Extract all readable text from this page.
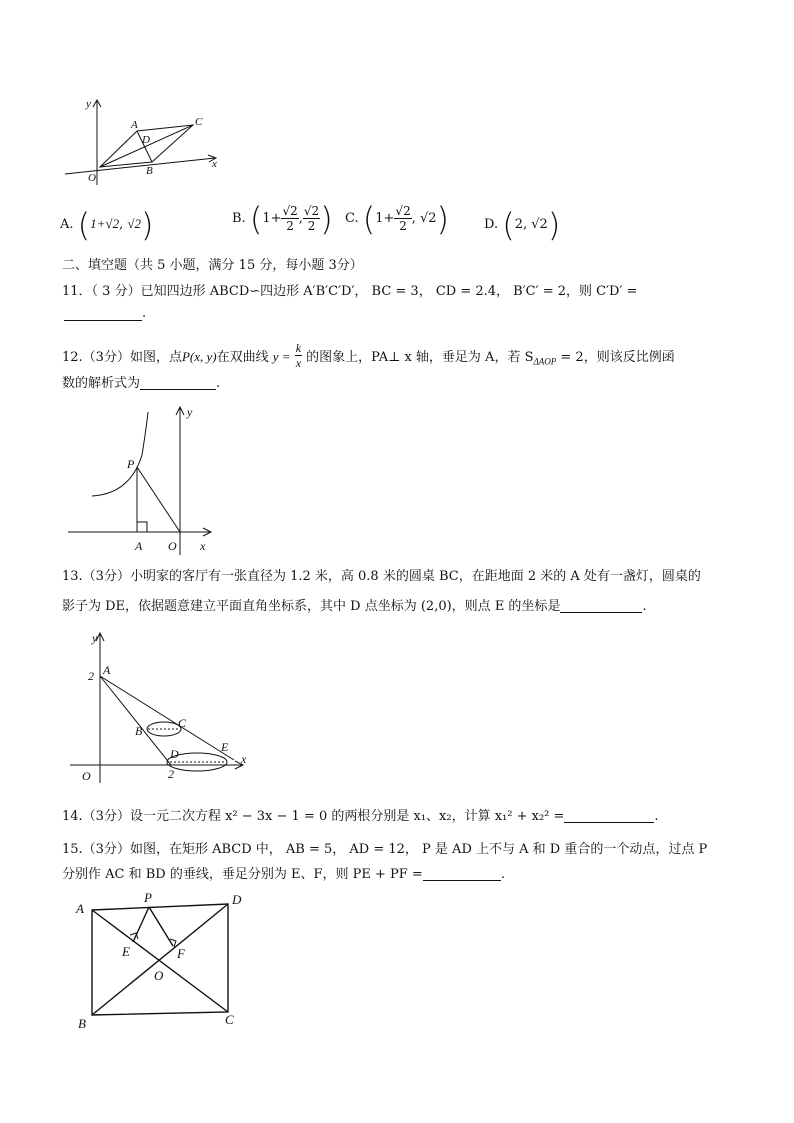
y
x
O
A	C
D
B
A. (1+√2, √2)	B. ($1+ \frac{√2}{2}$ , $\frac{√2}{2}$ ) C. ($1+ \frac{√2}{2}$ , √2)	D. (2, √2)
二、填空题（共 5 小题，满分 15 分，每小题 3分）
11．（ 3 分）已知四边形 ABCD∽四边形 A′B′C′D′， BC = 3， CD = 2.4， B′C′ = 2，则 C′D′ =
.
12.（3分）如图，点P(x, y)在双曲线 $y = \frac{k}{x}$ 的图象上，PA⊥ x 轴，垂足为 A，若 $S_{\Delta AOP} = 2$，则该反比例函
数的解析式为	.
y
x
P
A O
13.（3分）小明家的客厅有一张直径为 1.2 米，高 0.8 米的圆桌 BC，在距地面 2 米的 A 处有一盏灯，圆桌的
影子为 DE，依据题意建立平面直角坐标系，其中 D 点坐标为 (2,0)，则点 E 的坐标是	.
2
2
y
x
A
B
C
D	E
O
14.（3分）设一元二次方程 x² − 3x − 1 = 0 的两根分别是 x₁、x₂，计算 x₁² + x₂² =	.
15.（3分）如图，在矩形 ABCD 中， AB = 5， AD = 12， P 是 AD 上不与 A 和 D 重合的一个动点，过点 P
分别作 AC 和 BD 的垂线，垂足分别为 E、F，则 PE + PF =	.
A
D
B	C
P
E	F
O
